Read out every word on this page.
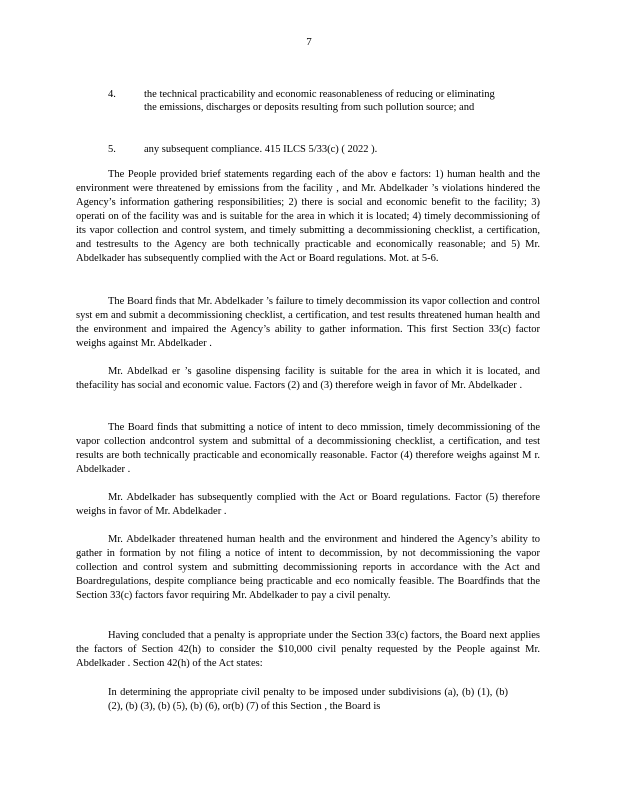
7
4.	the technical practicability and economic reasonableness of reducing or eliminating the emissions, discharges or deposits resulting from such pollution source; and
5.	any subsequent compliance. 415 ILCS 5/33(c) ( 2022 ).

The People provided brief statements regarding each of the abov e factors: 1) human health and the environment were threatened by emissions from the facility , and Mr. Abdelkader ’s violations hindered the Agency’s information gathering responsibilities; 2) there is social and economic benefit to the facility; 3) operati on of the facility was and is suitable for the area in which it is located; 4) timely decommissioning of its vapor collection and control system, and timely submitting a decommissioning checklist, a certification, and testresults to the Agency are both technically practicable and economically reasonable; and 5) Mr. Abdelkader has subsequently complied with the Act or Board regulations. Mot. at 5-6.

The Board finds that Mr. Abdelkader ’s failure to timely decommission its vapor collection and control syst em and submit a decommissioning checklist, a certification, and test results threatened human health and the environment and impaired the Agency’s ability to gather information. This first Section 33(c) factor weighs against Mr. Abdelkader .

Mr. Abdelkad er ’s gasoline dispensing facility is suitable for the area in which it is located, and thefacility has social and economic value. Factors (2) and (3) therefore weigh in favor of Mr. Abdelkader .

The Board finds that submitting a notice of intent to deco mmission, timely decommissioning of the vapor collection andcontrol system and submittal of a decommissioning checklist, a certification, and test results are both technically practicable and economically reasonable. Factor (4) therefore weighs against M r. Abdelkader .

Mr. Abdelkader has subsequently complied with the Act or Board regulations. Factor (5) therefore weighs in favor of Mr. Abdelkader .

Mr. Abdelkader threatened human health and the environment and hindered the Agency’s ability to gather in formation by not filing a notice of intent to decommission, by not decommissioning the vapor collection and control system and submitting decommissioning reports in accordance with the Act and Boardregulations, despite compliance being practicable and eco nomically feasible. The Boardfinds that the Section 33(c) factors favor requiring Mr. Abdelkader to pay a civil penalty.

Having concluded that a penalty is appropriate under the Section 33(c) factors, the Board next applies the factors of Section 42(h) to consider the $10,000 civil penalty requested by the People against Mr. Abdelkader . Section 42(h) of the Act states:

In determining the appropriate civil penalty to be imposed under subdivisions (a), (b) (1), (b) (2), (b) (3), (b) (5), (b) (6), or(b) (7) of this Section , the Board is
